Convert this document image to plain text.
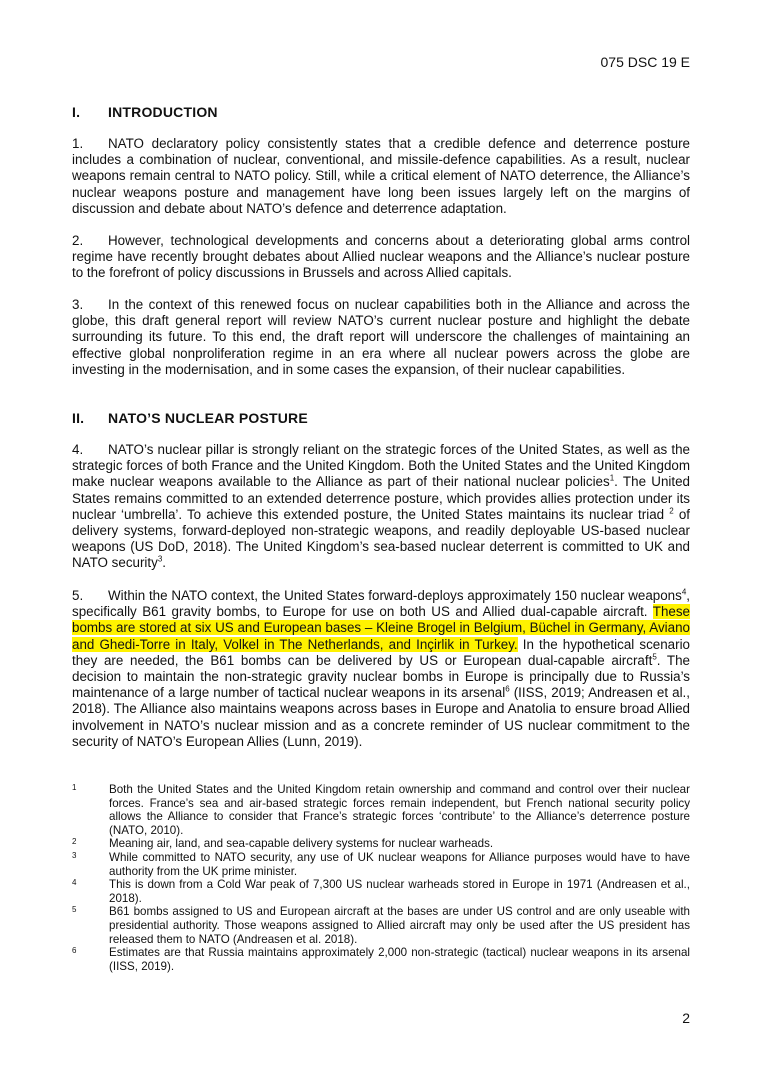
075 DSC 19 E
I. INTRODUCTION

1. NATO declaratory policy consistently states that a credible defence and deterrence posture includes a combination of nuclear, conventional, and missile-defence capabilities. As a result, nuclear weapons remain central to NATO policy. Still, while a critical element of NATO deterrence, the Alliance’s nuclear weapons posture and management have long been issues largely left on the margins of discussion and debate about NATO’s defence and deterrence adaptation.

2. However, technological developments and concerns about a deteriorating global arms control regime have recently brought debates about Allied nuclear weapons and the Alliance’s nuclear posture to the forefront of policy discussions in Brussels and across Allied capitals.

3. In the context of this renewed focus on nuclear capabilities both in the Alliance and across the globe, this draft general report will review NATO’s current nuclear posture and highlight the debate surrounding its future. To this end, the draft report will underscore the challenges of maintaining an effective global nonproliferation regime in an era where all nuclear powers across the globe are investing in the modernisation, and in some cases the expansion, of their nuclear capabilities.

II. NATO’S NUCLEAR POSTURE

4. NATO’s nuclear pillar is strongly reliant on the strategic forces of the United States, as well as the strategic forces of both France and the United Kingdom. Both the United States and the United Kingdom make nuclear weapons available to the Alliance as part of their national nuclear policies$^1$. The United States remains committed to an extended deterrence posture, which provides allies protection under its nuclear ‘umbrella’. To achieve this extended posture, the United States maintains its nuclear triad $^2$ of delivery systems, forward-deployed non-strategic weapons, and readily deployable US-based nuclear weapons (US DoD, 2018). The United Kingdom’s sea-based nuclear deterrent is committed to UK and NATO security$^3$.

5. Within the NATO context, the United States forward-deploys approximately 150 nuclear weapons$^4$, specifically B61 gravity bombs, to Europe for use on both US and Allied dual-capable aircraft. These bombs are stored at six US and European bases – Kleine Brogel in Belgium, Büchel in Germany, Aviano and Ghedi-Torre in Italy, Volkel in The Netherlands, and Inçirlik in Turkey. In the hypothetical scenario they are needed, the B61 bombs can be delivered by US or European dual-capable aircraft$^5$. The decision to maintain the non-strategic gravity nuclear bombs in Europe is principally due to Russia’s maintenance of a large number of tactical nuclear weapons in its arsenal$^6$ (IISS, 2019; Andreasen et al., 2018). The Alliance also maintains weapons across bases in Europe and Anatolia to ensure broad Allied involvement in NATO’s nuclear mission and as a concrete reminder of US nuclear commitment to the security of NATO’s European Allies (Lunn, 2019).

1	Both the United States and the United Kingdom retain ownership and command and control over their nuclear forces. France’s sea and air-based strategic forces remain independent, but French national security policy allows the Alliance to consider that France’s strategic forces ‘contribute’ to the Alliance’s deterrence posture (NATO, 2010).
2	Meaning air, land, and sea-capable delivery systems for nuclear warheads.
3	While committed to NATO security, any use of UK nuclear weapons for Alliance purposes would have to have authority from the UK prime minister.
4	This is down from a Cold War peak of 7,300 US nuclear warheads stored in Europe in 1971 (Andreasen et al., 2018).
5	B61 bombs assigned to US and European aircraft at the bases are under US control and are only useable with presidential authority. Those weapons assigned to Allied aircraft may only be used after the US president has released them to NATO (Andreasen et al. 2018).
6	Estimates are that Russia maintains approximately 2,000 non-strategic (tactical) nuclear weapons in its arsenal (IISS, 2019).
2
